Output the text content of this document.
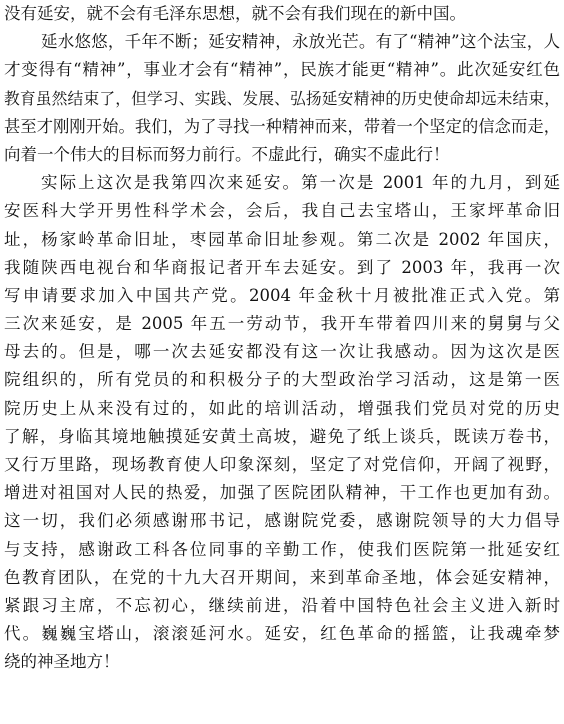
没有延安，就不会有毛泽东思想，就不会有我们现在的新中国。
延水悠悠，千年不断；延安精神，永放光芒。有了“精神”这个法宝，人
才变得有“精神”，事业才会有“精神”，民族才能更“精神”。此次延安红色
教育虽然结束了，但学习、实践、发展、弘扬延安精神的历史使命却远未结束，
甚至才刚刚开始。我们，为了寻找一种精神而来，带着一个坚定的信念而走，
向着一个伟大的目标而努力前行。不虚此行，确实不虚此行！
实际上这次是我第四次来延安。第一次是 2001 年的九月，到延
安医科大学开男性科学术会，会后，我自己去宝塔山，王家坪革命旧
址，杨家岭革命旧址，枣园革命旧址参观。第二次是 2002 年国庆，
我随陕西电视台和华商报记者开车去延安。到了 2003 年，我再一次
写申请要求加入中国共产党。2004 年金秋十月被批准正式入党。第
三次来延安，是 2005 年五一劳动节，我开车带着四川来的舅舅与父
母去的。但是，哪一次去延安都没有这一次让我感动。因为这次是医
院组织的，所有党员的和积极分子的大型政治学习活动，这是第一医
院历史上从来没有过的，如此的培训活动，增强我们党员对党的历史
了解，身临其境地触摸延安黄土高坡，避免了纸上谈兵，既读万卷书，
又行万里路，现场教育使人印象深刻，坚定了对党信仰，开阔了视野，
增进对祖国对人民的热爱，加强了医院团队精神，干工作也更加有劲。
这一切，我们必须感谢邢书记，感谢院党委，感谢院领导的大力倡导
与支持，感谢政工科各位同事的辛勤工作，使我们医院第一批延安红
色教育团队，在党的十九大召开期间，来到革命圣地，体会延安精神，
紧跟习主席，不忘初心，继续前进，沿着中国特色社会主义进入新时
代。巍巍宝塔山，滚滚延河水。延安，红色革命的摇篮，让我魂牵梦
绕的神圣地方！
